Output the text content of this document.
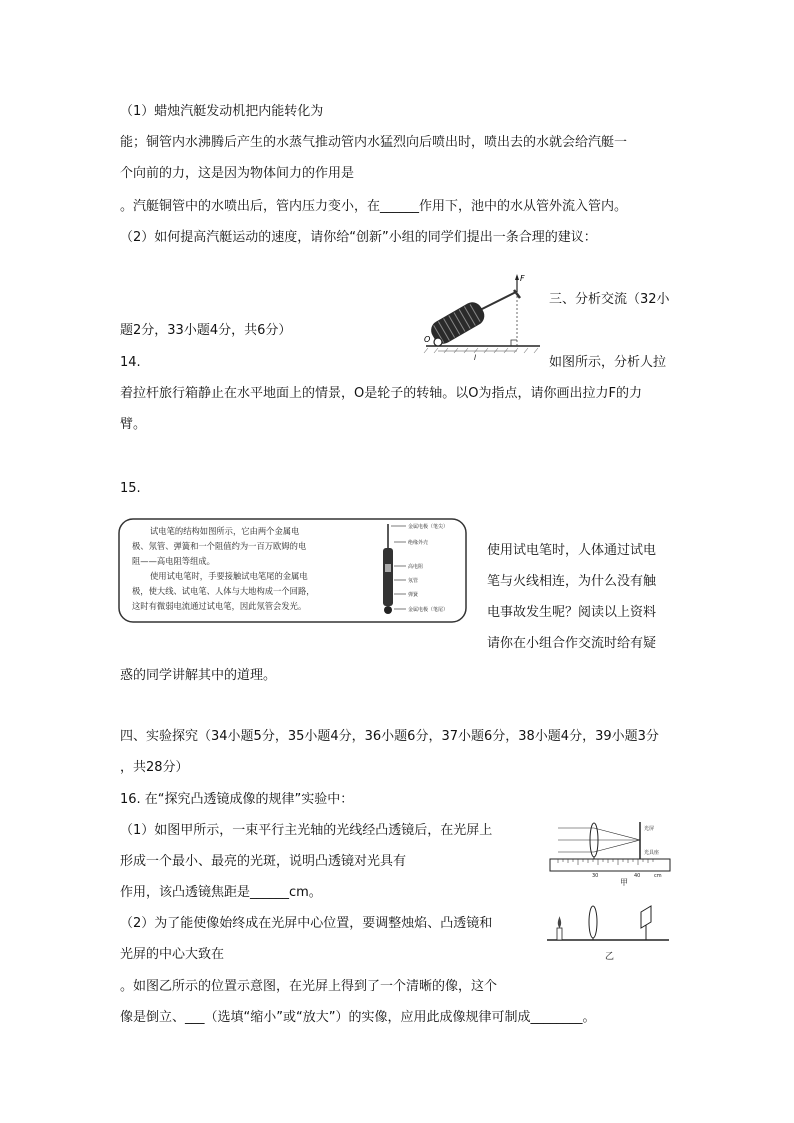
（1）蜡烛汽艇发动机把内能转化为
能；铜管内水沸腾后产生的水蒸气推动管内水猛烈向后喷出时，喷出去的水就会给汽艇一
个向前的力，这是因为物体间力的作用是
。汽艇铜管中的水喷出后，管内压力变小，在______作用下，池中的水从管外流入管内。
（2）如何提高汽艇运动的速度，请你给“创新”小组的同学们提出一条合理的建议：
F
O
l
三、分析交流（32小
题2分，33小题4分，共6分）
14.	如图所示，分析人拉
着拉杆旅行箱静止在水平地面上的情景，O是轮子的转轴。以O为指点，请你画出拉力F的力
臂。
15.
试电笔的结构如图所示，它由两个金属电
极、氖管、弹簧和一个阻值约为一百万欧姆的电
阻——高电阻等组成。
使用试电笔时，手要接触试电笔尾的金属电
极，使大线、试电笔、人体与大地构成一个回路，
这时有微弱电流通过试电笔，因此氖管会发光。
金属电极（笔尖）
绝缘外壳
高电阻
氖管
弹簧
金属电极（笔尾）
使用试电笔时，人体通过试电
笔与火线相连，为什么没有触
电事故发生呢？阅读以上资料
请你在小组合作交流时给有疑
惑的同学讲解其中的道理。
四、实验探究（34小题5分，35小题4分，36小题6分，37小题6分，38小题4分，39小题3分
，共28分）
16. 在“探究凸透镜成像的规律”实验中：
（1）如图甲所示，一束平行主光轴的光线经凸透镜后，在光屏上
形成一个最小、最亮的光斑，说明凸透镜对光具有
作用，该凸透镜焦距是______cm。
光屏
光具座
30	40	cm
甲
（2）为了能使像始终成在光屏中心位置，要调整烛焰、凸透镜和
乙
光屏的中心大致在
。如图乙所示的位置示意图，在光屏上得到了一个清晰的像，这个
像是倒立、___（选填“缩小”或“放大”）的实像，应用此成像规律可制成________。
